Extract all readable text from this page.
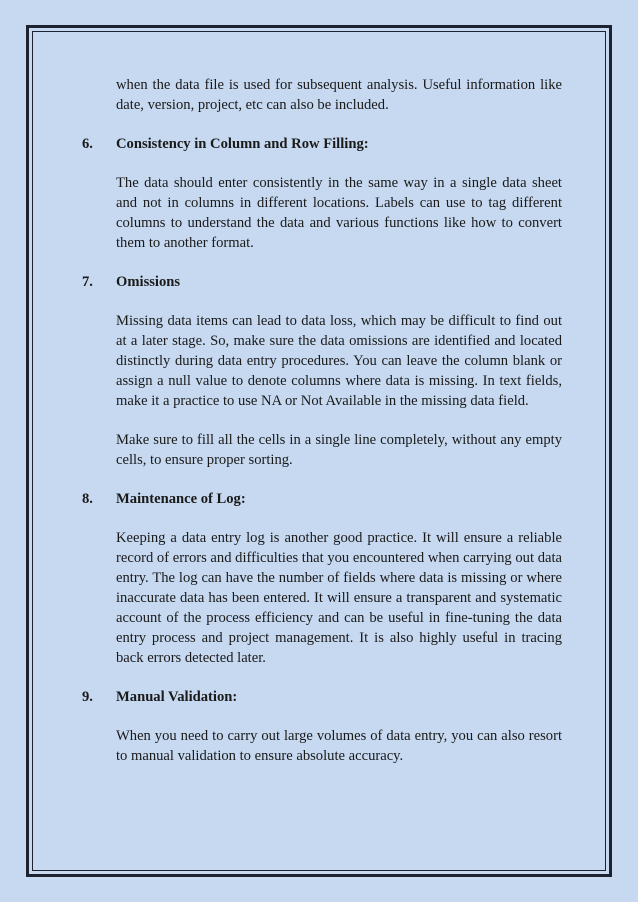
when the data file is used for subsequent analysis. Useful information like date, version, project, etc can also be included.

6.	Consistency in Column and Row Filling:

The data should enter consistently in the same way in a single data sheet and not in columns in different locations. Labels can use to tag different columns to understand the data and various functions like how to convert them to another format.

7.	Omissions

Missing data items can lead to data loss, which may be difficult to find out at a later stage. So, make sure the data omissions are identified and located distinctly during data entry procedures. You can leave the column blank or assign a null value to denote columns where data is missing. In text fields, make it a practice to use NA or Not Available in the missing data field.

Make sure to fill all the cells in a single line completely, without any empty cells, to ensure proper sorting.

8.	Maintenance of Log:

Keeping a data entry log is another good practice. It will ensure a reliable record of errors and difficulties that you encountered when carrying out data entry. The log can have the number of fields where data is missing or where inaccurate data has been entered. It will ensure a transparent and systematic account of the process efficiency and can be useful in fine-tuning the data entry process and project management. It is also highly useful in tracing back errors detected later.

9.	Manual Validation:

When you need to carry out large volumes of data entry, you can also resort to manual validation to ensure absolute accuracy.
